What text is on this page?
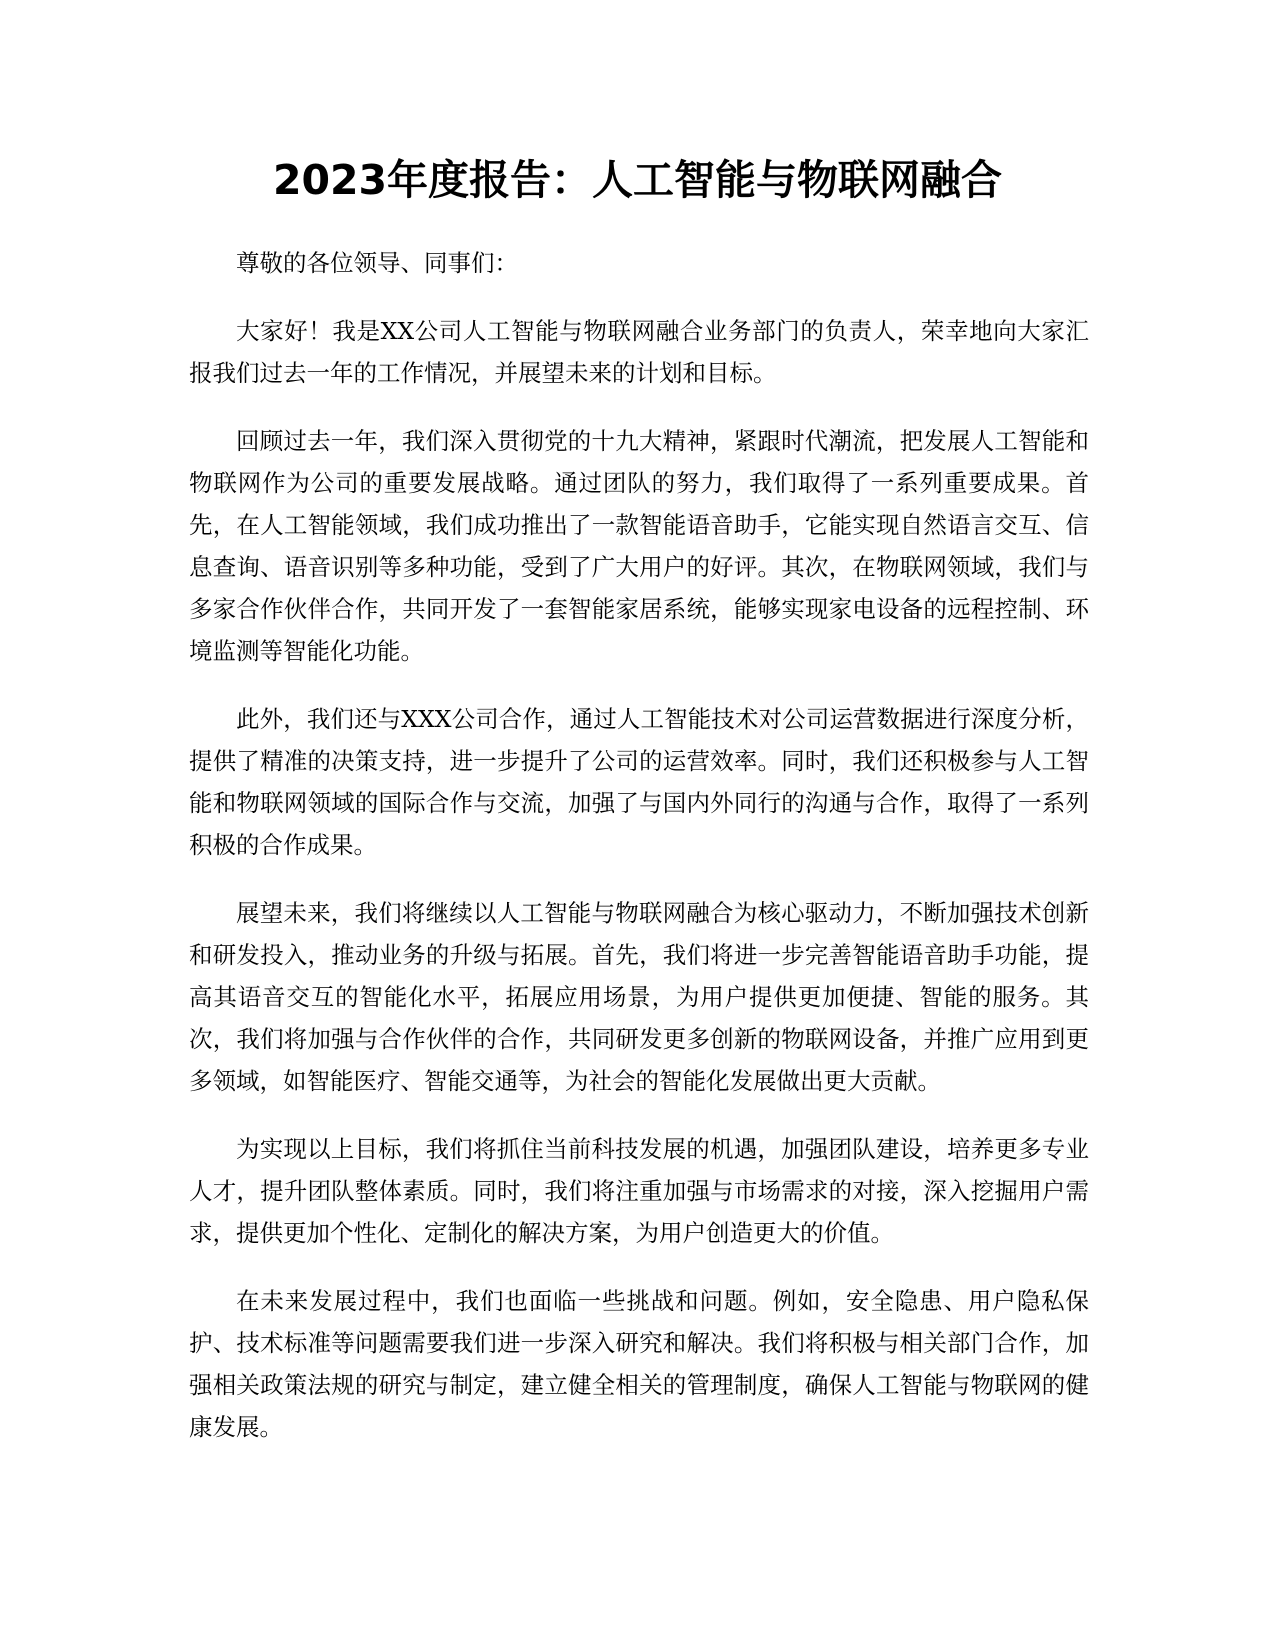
2023年度报告：人工智能与物联网融合

尊敬的各位领导、同事们：

大家好！我是XX公司人工智能与物联网融合业务部门的负责人，荣幸地向大家汇报我们过去一年的工作情况，并展望未来的计划和目标。

回顾过去一年，我们深入贯彻党的十九大精神，紧跟时代潮流，把发展人工智能和物联网作为公司的重要发展战略。通过团队的努力，我们取得了一系列重要成果。首先，在人工智能领域，我们成功推出了一款智能语音助手，它能实现自然语言交互、信息查询、语音识别等多种功能，受到了广大用户的好评。其次，在物联网领域，我们与多家合作伙伴合作，共同开发了一套智能家居系统，能够实现家电设备的远程控制、环境监测等智能化功能。

此外，我们还与XXX公司合作，通过人工智能技术对公司运营数据进行深度分析，提供了精准的决策支持，进一步提升了公司的运营效率。同时，我们还积极参与人工智能和物联网领域的国际合作与交流，加强了与国内外同行的沟通与合作，取得了一系列积极的合作成果。

展望未来，我们将继续以人工智能与物联网融合为核心驱动力，不断加强技术创新和研发投入，推动业务的升级与拓展。首先，我们将进一步完善智能语音助手功能，提高其语音交互的智能化水平，拓展应用场景，为用户提供更加便捷、智能的服务。其次，我们将加强与合作伙伴的合作，共同研发更多创新的物联网设备，并推广应用到更多领域，如智能医疗、智能交通等，为社会的智能化发展做出更大贡献。

为实现以上目标，我们将抓住当前科技发展的机遇，加强团队建设，培养更多专业人才，提升团队整体素质。同时，我们将注重加强与市场需求的对接，深入挖掘用户需求，提供更加个性化、定制化的解决方案，为用户创造更大的价值。

在未来发展过程中，我们也面临一些挑战和问题。例如，安全隐患、用户隐私保护、技术标准等问题需要我们进一步深入研究和解决。我们将积极与相关部门合作，加强相关政策法规的研究与制定，建立健全相关的管理制度，确保人工智能与物联网的健康发展。
